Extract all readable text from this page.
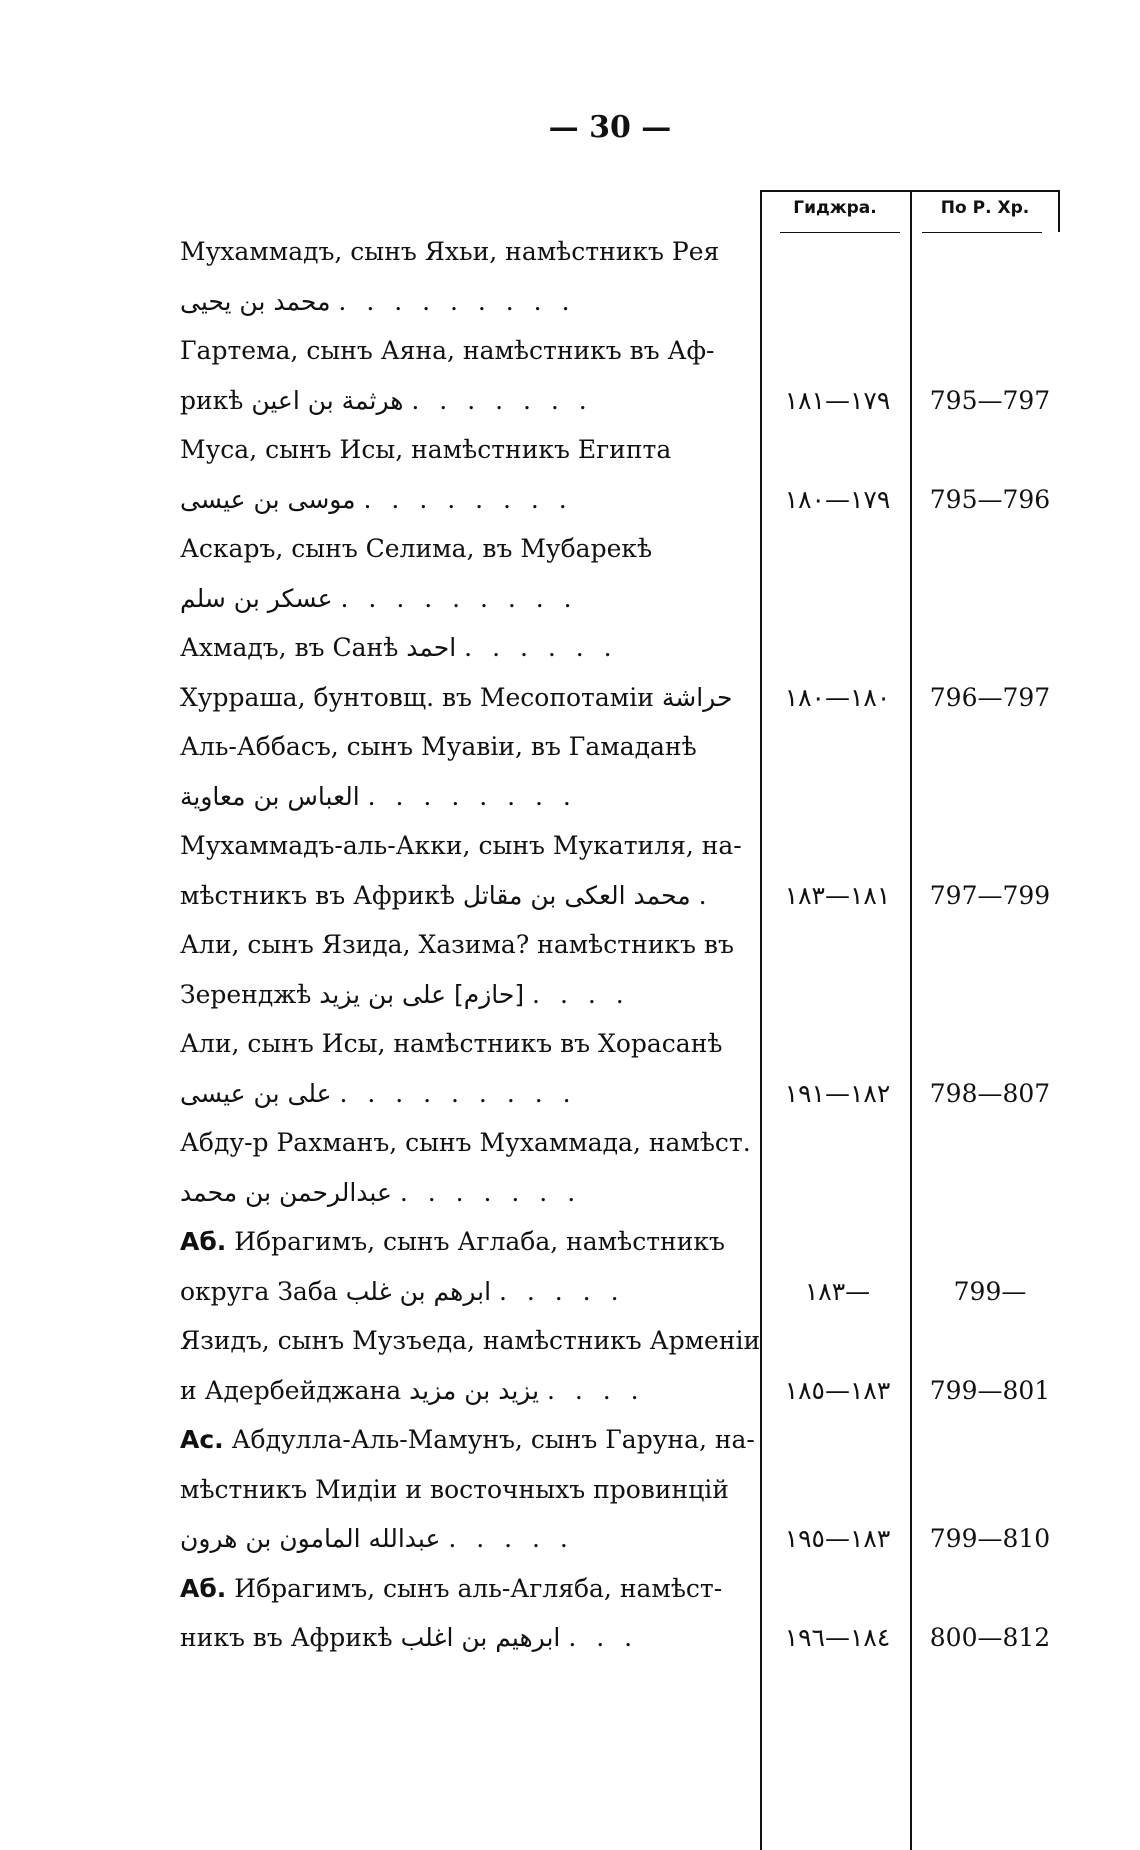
— 30 —
Гиджра.	По Р. Хр.
Мухаммадъ, сынъ Яхьи, намѣстникъ Рея
محمد بن يحيى . . . . . . . . .
Гартема, сынъ Аяна, намѣстникъ въ Аф-
рикѣ هرثمة بن اعين . . . . . . .	١٧٩—١٨١	795—797
Муса, сынъ Исы, намѣстникъ Египта
موسى بن عيسى . . . . . . . .	١٧٩—١٨٠	795—796
Аскаръ, сынъ Селима, въ Мубарекѣ
عسكر بن سلم . . . . . . . . .
Ахмадъ, въ Санѣ احمد . . . . . .
Хурраша, бунтовщ. въ Месопотаміи حراشة	١٨٠—١٨٠	796—797
Аль-Аббасъ, сынъ Муавіи, въ Гамаданѣ
العباس بن معاوية . . . . . . . .
Мухаммадъ-аль-Акки, сынъ Мукатиля, на-
мѣстникъ въ Африкѣ محمد العكى بن مقاتل .	١٨١—١٨٣	797—799
Али, сынъ Язида, Хазима? намѣстникъ въ
Зеренджѣ [حازم] على بن يزيد . . . .
Али, сынъ Исы, намѣстникъ въ Хорасанѣ
على بن عيسى . . . . . . . . .	١٨٢—١٩١	798—807
Абду-р Рахманъ, сынъ Мухаммада, намѣст.
عبدالرحمن بن محمد . . . . . . .
Аб. Ибрагимъ, сынъ Аглаба, намѣстникъ
округа Заба ابرهم بن غلب . . . . .	١٨٣—	799—
Язидъ, сынъ Музъеда, намѣстникъ Арменіи
и Адербейджана يزيد بن مزيد . . . .	١٨٣—١٨٥	799—801
Ас. Абдулла-Аль-Мамунъ, сынъ Гаруна, на-
мѣстникъ Мидіи и восточныхъ провинцій
عبدالله المامون بن هرون . . . . .	١٨٣—١٩٥	799—810
Аб. Ибрагимъ, сынъ аль-Агляба, намѣст-
никъ въ Африкѣ ابرهيم بن اغلب . . .	١٨٤—١٩٦	800—812
